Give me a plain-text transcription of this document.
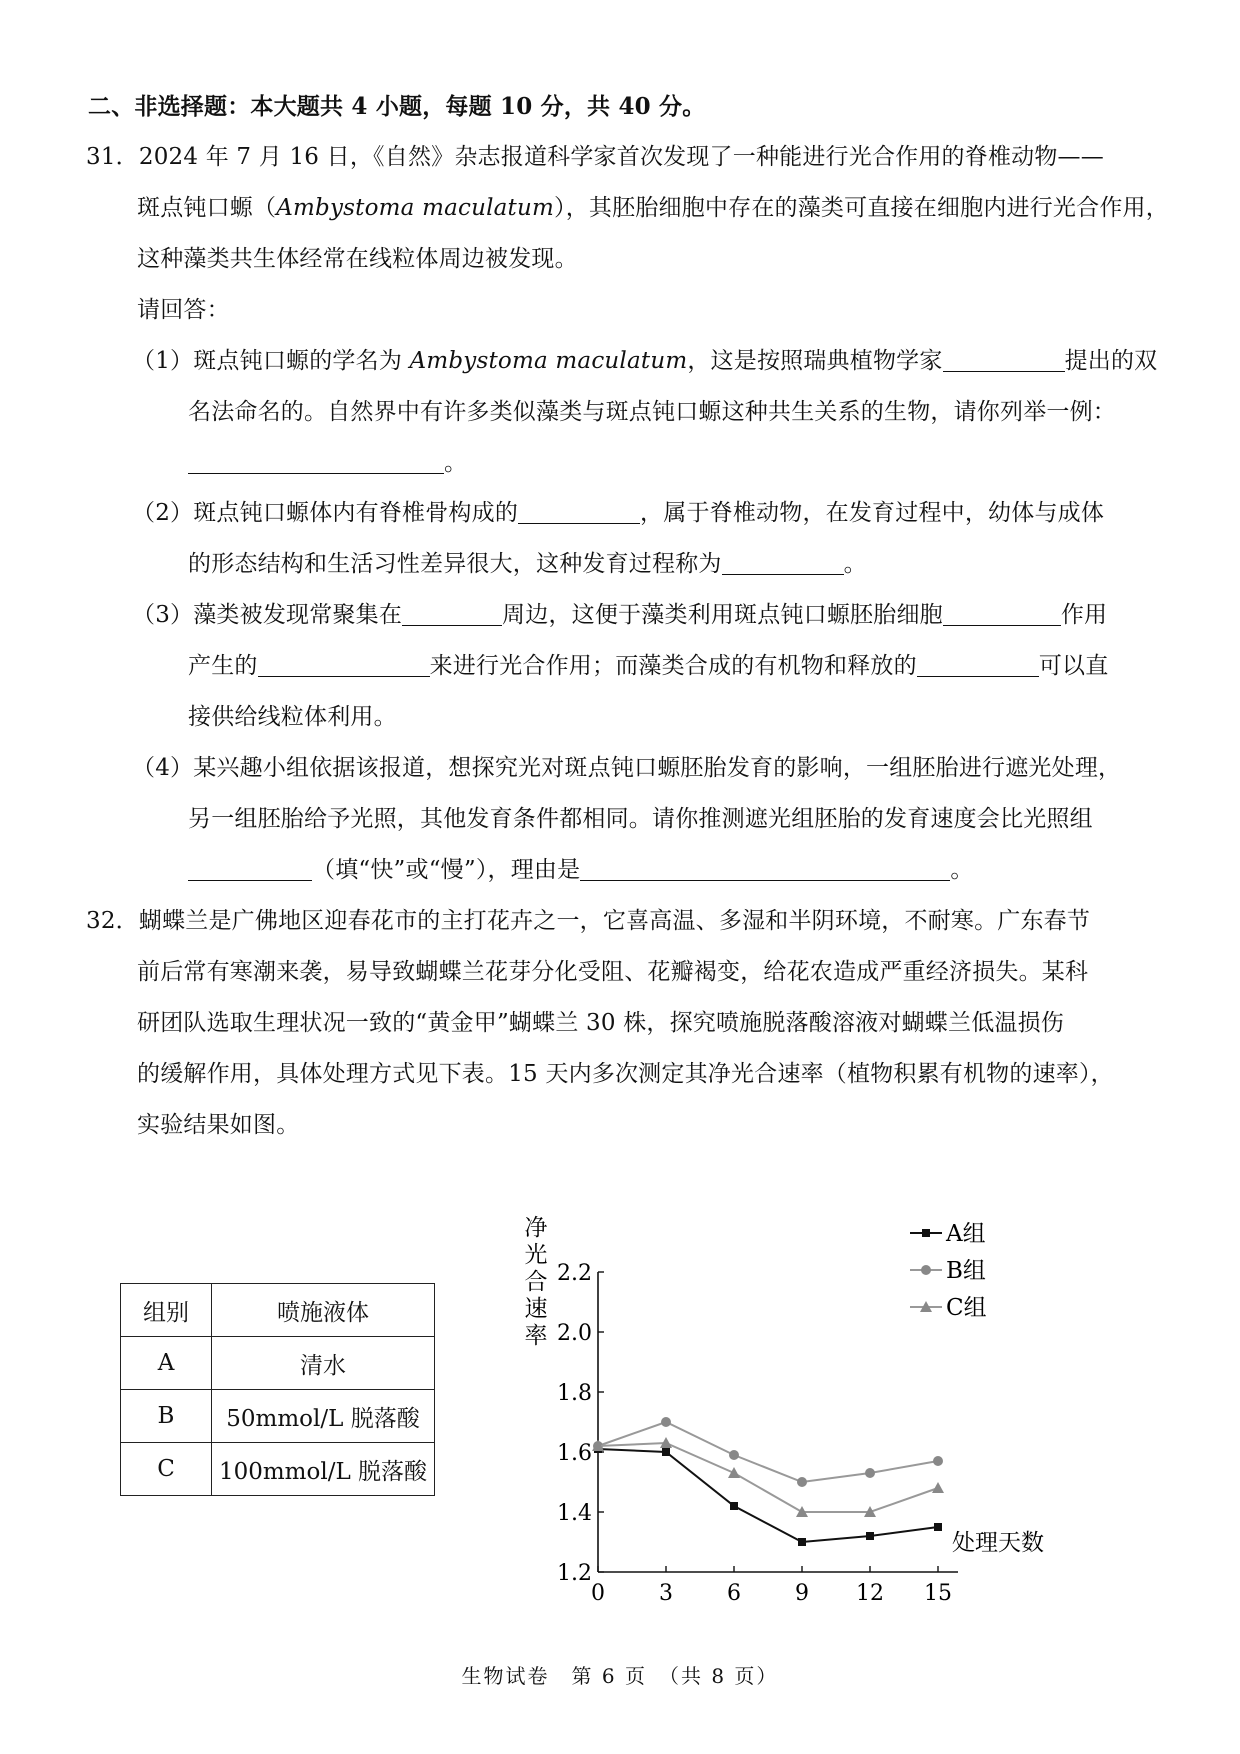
二、非选择题：本大题共 4 小题，每题 10 分，共 40 分。
31．2024 年 7 月 16 日，《自然》杂志报道科学家首次发现了一种能进行光合作用的脊椎动物——
斑点钝口螈（Ambystoma maculatum），其胚胎细胞中存在的藻类可直接在细胞内进行光合作用，
这种藻类共生体经常在线粒体周边被发现。
请回答：
（1）斑点钝口螈的学名为 Ambystoma maculatum，这是按照瑞典植物学家	提出的双
名法命名的。自然界中有许多类似藻类与斑点钝口螈这种共生关系的生物，请你列举一例：
。
（2）斑点钝口螈体内有脊椎骨构成的	，属于脊椎动物，在发育过程中，幼体与成体
的形态结构和生活习性差异很大，这种发育过程称为	。
（3）藻类被发现常聚集在	周边，这便于藻类利用斑点钝口螈胚胎细胞	作用
产生的	来进行光合作用；而藻类合成的有机物和释放的	可以直
接供给线粒体利用。
（4）某兴趣小组依据该报道，想探究光对斑点钝口螈胚胎发育的影响，一组胚胎进行遮光处理，
另一组胚胎给予光照，其他发育条件都相同。请你推测遮光组胚胎的发育速度会比光照组
（填“快”或“慢”），理由是	。
32．蝴蝶兰是广佛地区迎春花市的主打花卉之一，它喜高温、多湿和半阴环境，不耐寒。广东春节
前后常有寒潮来袭，易导致蝴蝶兰花芽分化受阻、花瓣褐变，给花农造成严重经济损失。某科
研团队选取生理状况一致的“黄金甲”蝴蝶兰 30 株，探究喷施脱落酸溶液对蝴蝶兰低温损伤
的缓解作用，具体处理方式见下表。15 天内多次测定其净光合速率（植物积累有机物的速率），
实验结果如图。
组别	喷施液体
A	清水
B	50mmol/L 脱落酸
C	100mmol/L 脱落酸
1.2
1.4
1.6
1.8
2.0
2.2
0 3 6 9 12 15
A组
B组
C组
净
光
合
速
率
处理天数
生物试卷　第 6 页　（共 8 页）
